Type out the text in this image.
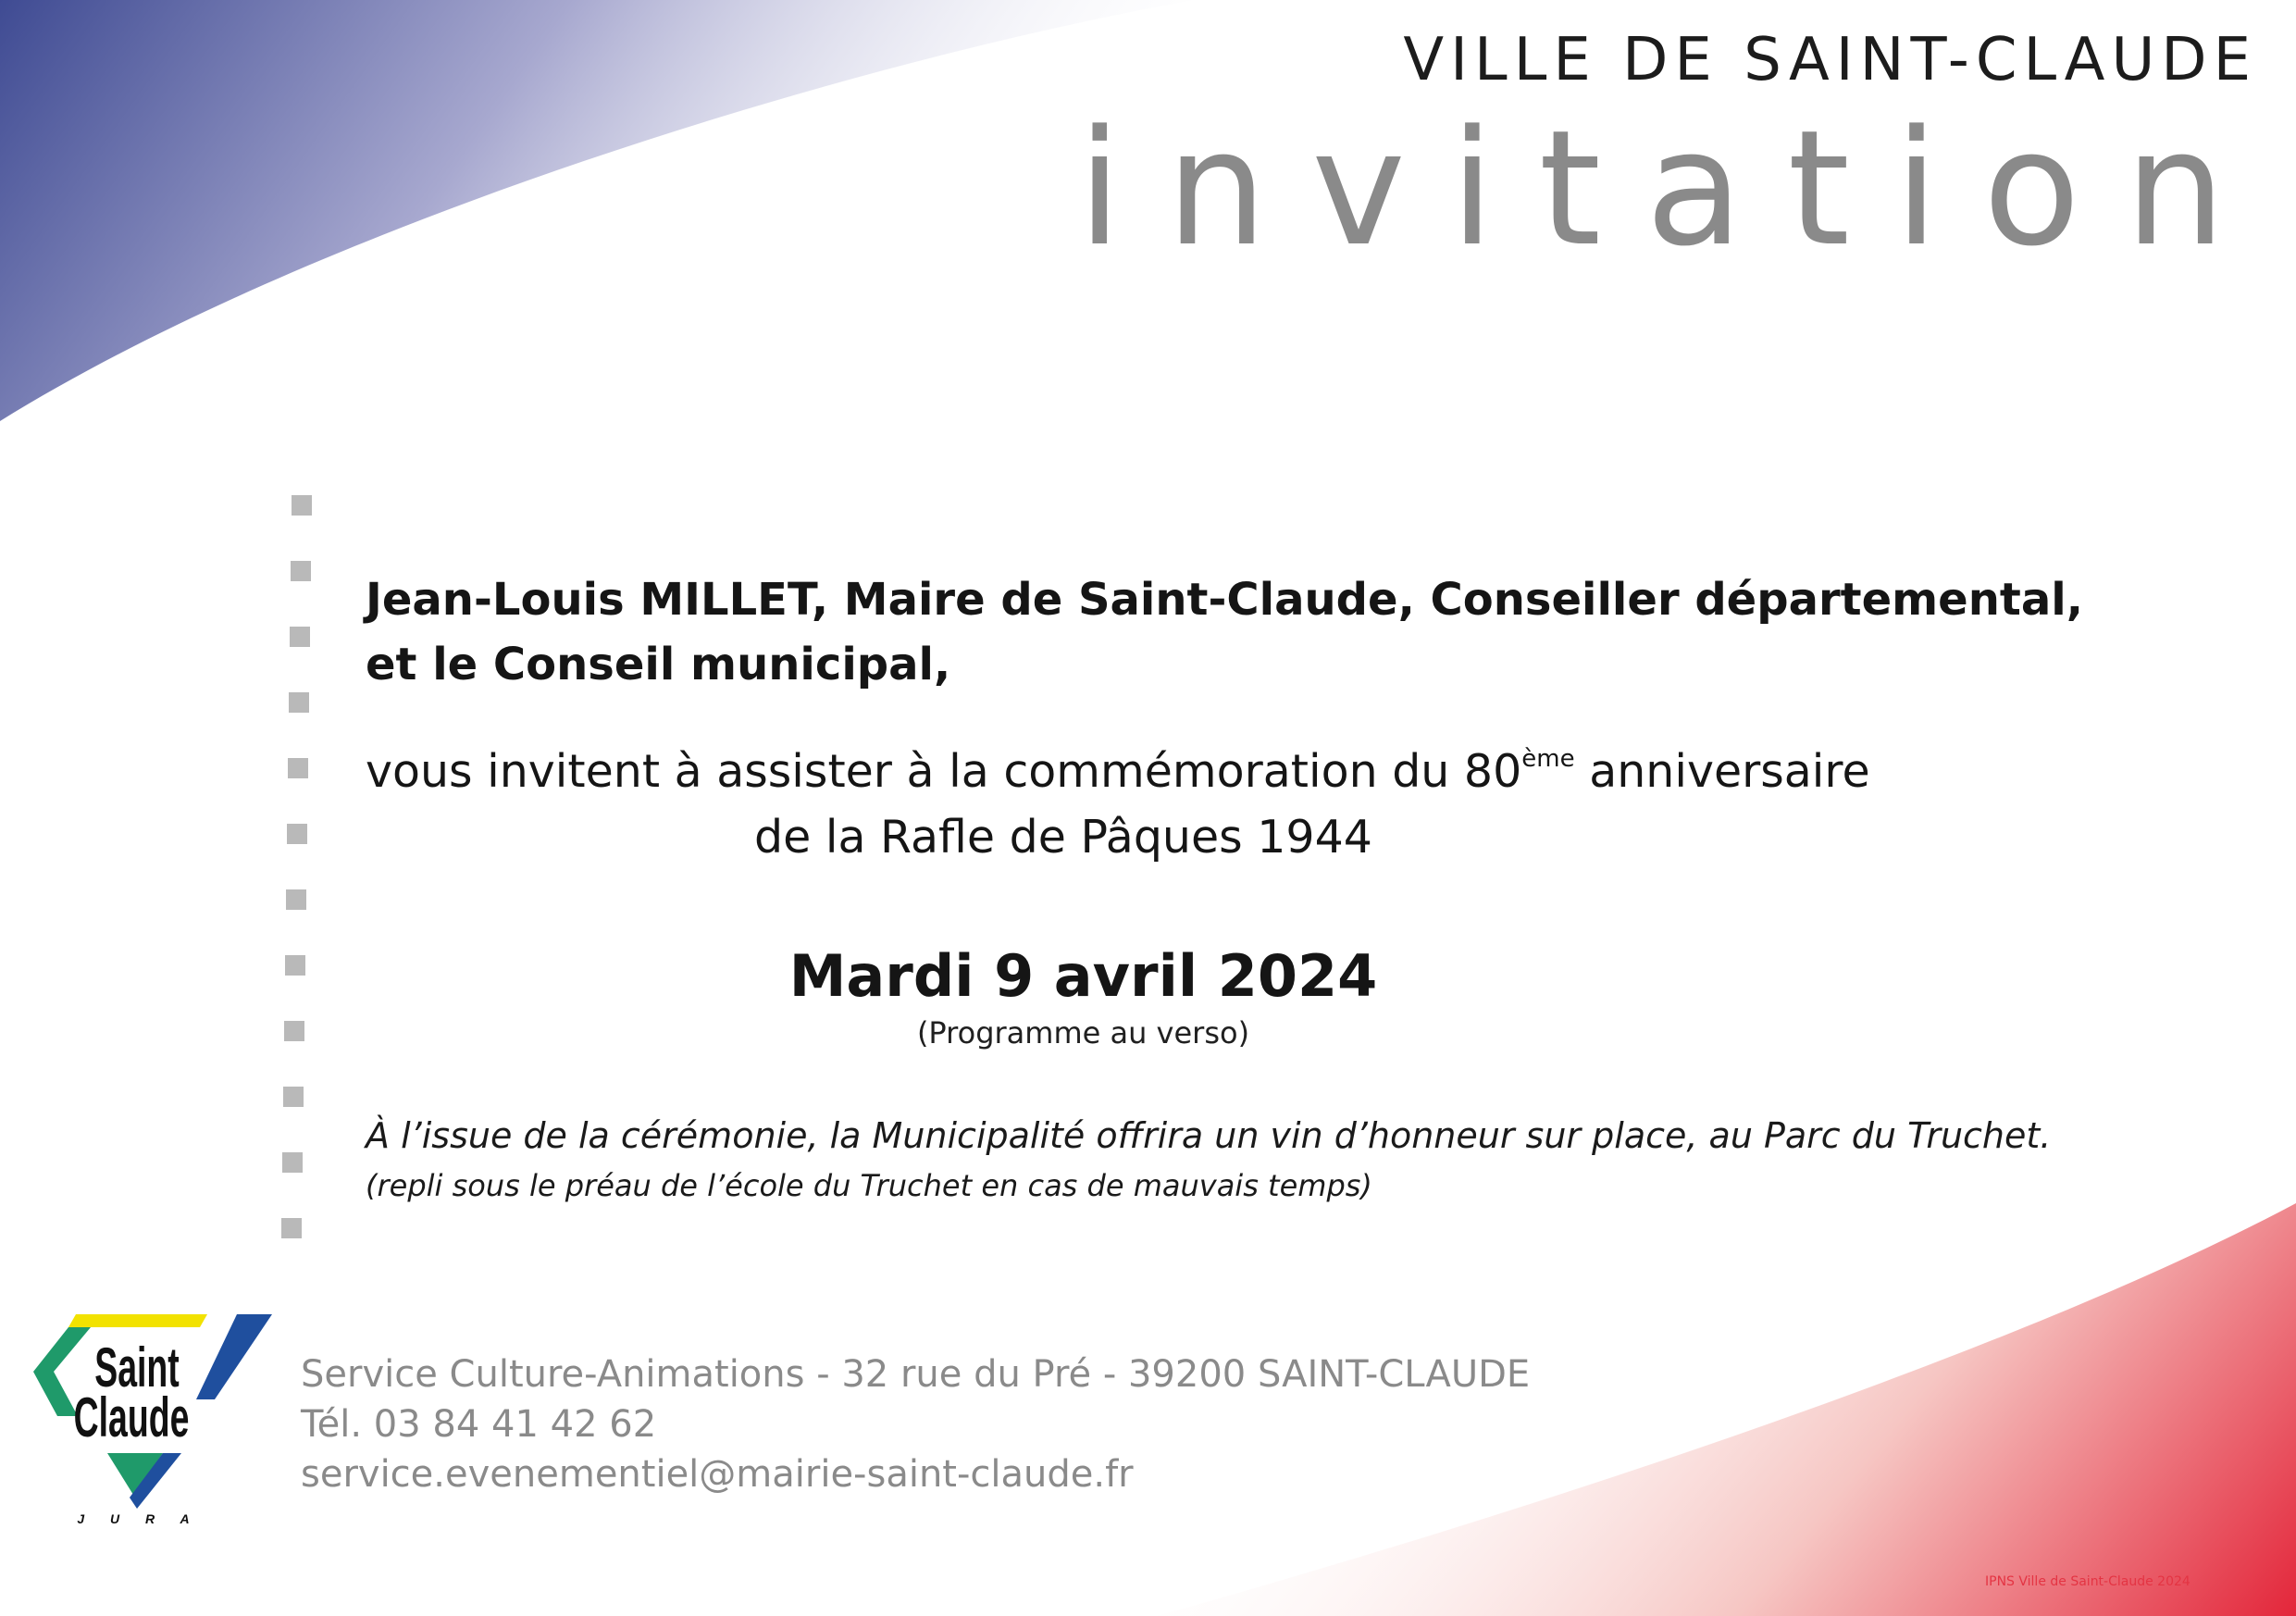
VILLE DE SAINT-CLAUDE
invitation
Jean-Louis MILLET, Maire de Saint-Claude, Conseiller départemental,
et le Conseil municipal,
vous invitent à assister à la commémoration du 80ème anniversaire
de la Rafle de Pâques 1944
Mardi 9 avril 2024
(Programme au verso)
À l’issue de la cérémonie, la Municipalité offrira un vin d’honneur sur place, au Parc du Truchet.
(repli sous le préau de l’école du Truchet en cas de mauvais temps)
Saint
Claude
J U R A
Service Culture-Animations - 32 rue du Pré - 39200 SAINT-CLAUDE
Tél. 03 84 41 42 62
service.evenementiel@mairie-saint-claude.fr
IPNS Ville de Saint-Claude 2024
